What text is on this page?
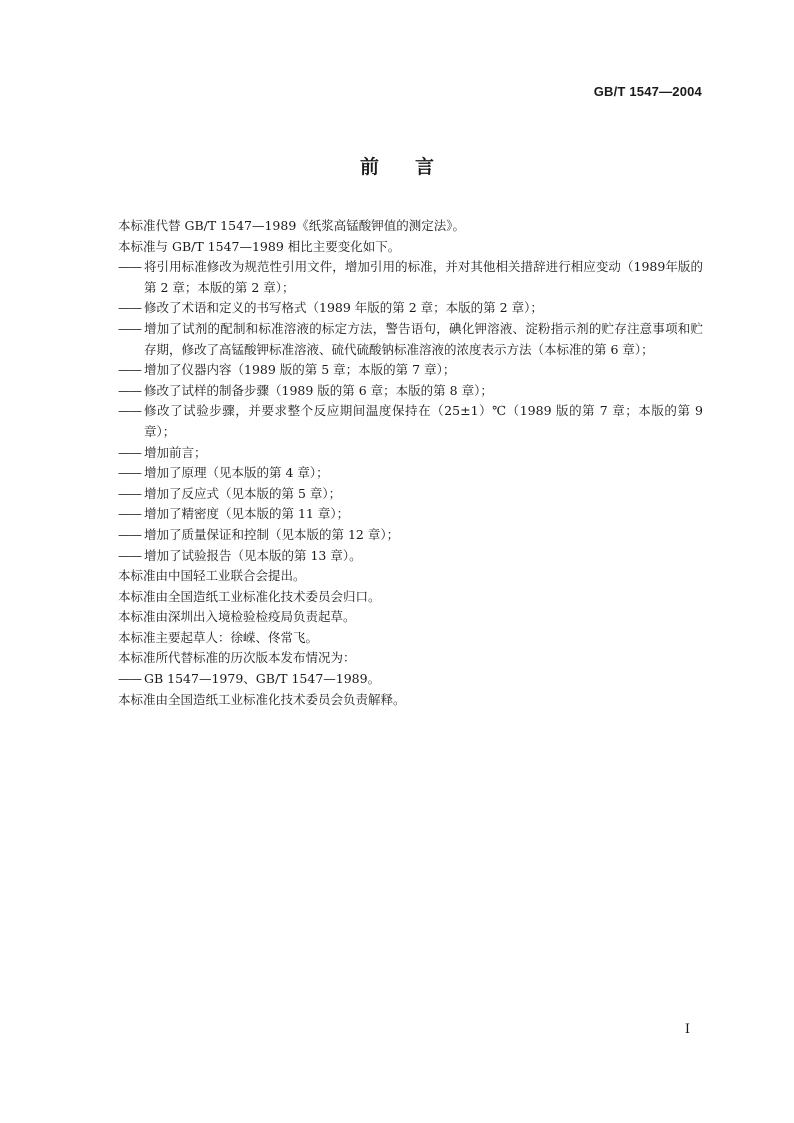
GB/T 1547—2004
前言

本标准代替 GB/T 1547—1989《纸浆高锰酸钾值的测定法》。

本标准与 GB/T 1547—1989 相比主要变化如下。

—— 将引用标准修改为规范性引用文件，增加引用的标准，并对其他相关措辞进行相应变动（1989年版的第 2 章；本版的第 2 章）；
—— 修改了术语和定义的书写格式（1989 年版的第 2 章；本版的第 2 章）；
—— 增加了试剂的配制和标准溶液的标定方法，警告语句，碘化钾溶液、淀粉指示剂的贮存注意事项和贮存期，修改了高锰酸钾标准溶液、硫代硫酸钠标准溶液的浓度表示方法（本标准的第 6 章）；
—— 增加了仪器内容（1989 版的第 5 章；本版的第 7 章）；
—— 修改了试样的制备步骤（1989 版的第 6 章；本版的第 8 章）；
—— 修改了试验步骤，并要求整个反应期间温度保持在（25±1）℃（1989 版的第 7 章；本版的第 9 章）；
—— 增加前言；
—— 增加了原理（见本版的第 4 章）；
—— 增加了反应式（见本版的第 5 章）；
—— 增加了精密度（见本版的第 11 章）；
—— 增加了质量保证和控制（见本版的第 12 章）；
—— 增加了试验报告（见本版的第 13 章）。

本标准由中国轻工业联合会提出。

本标准由全国造纸工业标准化技术委员会归口。

本标准由深圳出入境检验检疫局负责起草。

本标准主要起草人：徐嵘、佟常飞。

本标准所代替标准的历次版本发布情况为：

—— GB 1547—1979、GB/T 1547—1989。

本标准由全国造纸工业标准化技术委员会负责解释。

I
